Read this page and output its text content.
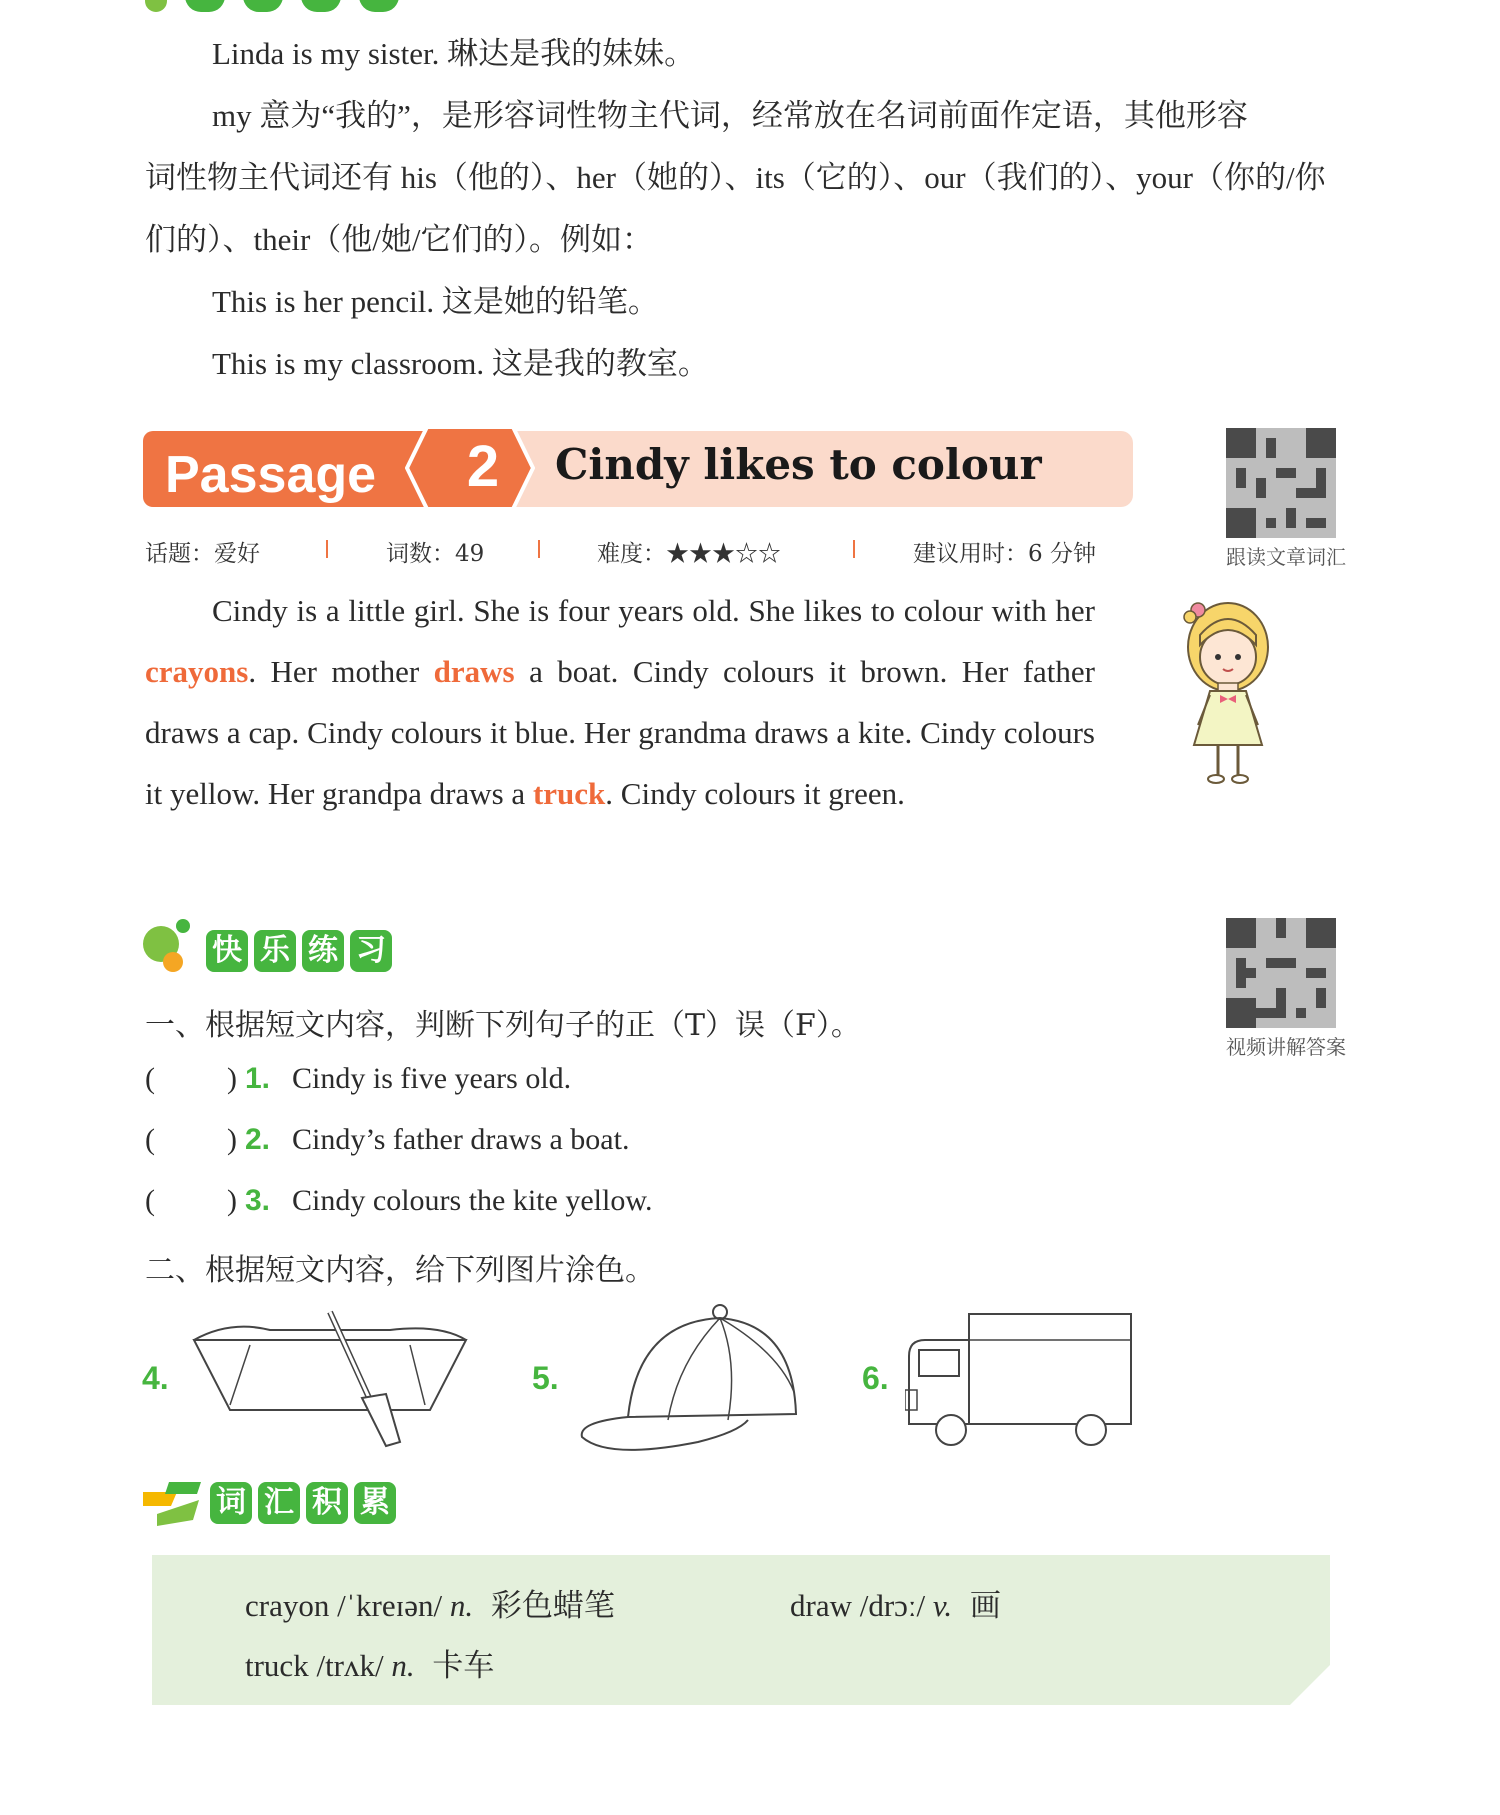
Linda is my sister. 琳达是我的妹妹。
my 意为“我的”，是形容词性物主代词，经常放在名词前面作定语，其他形容
词性物主代词还有 his（他的）、her（她的）、its（它的）、our（我们的）、your（你的/你
们的）、their（他/她/它们的）。例如：
This is her pencil. 这是她的铅笔。
This is my classroom. 这是我的教室。
Passage	2	Cindy likes to colour
跟读文章词汇
话题：爱好	词数：49	难度：★★★☆☆	建议用时：6 分钟
Cindy is a little girl. She is four years old. She likes to colour with her crayons. Her mother draws a boat. Cindy colours it brown. Her father draws a cap. Cindy colours it blue. Her grandma draws a kite. Cindy colours it yellow. Her grandpa draws a truck. Cindy colours it green.
快 乐 练 习
视频讲解答案
一、根据短文内容，判断下列句子的正（T）误（F）。
( ) 1. Cindy is five years old.
( ) 2. Cindy’s father draws a boat.
( ) 3. Cindy colours the kite yellow.
二、根据短文内容，给下列图片涂色。
4.	5.	6.
词 汇 积 累
crayon /ˈkreɪən/ n. 彩色蜡笔	draw /drɔː/ v. 画
truck /trʌk/ n. 卡车
